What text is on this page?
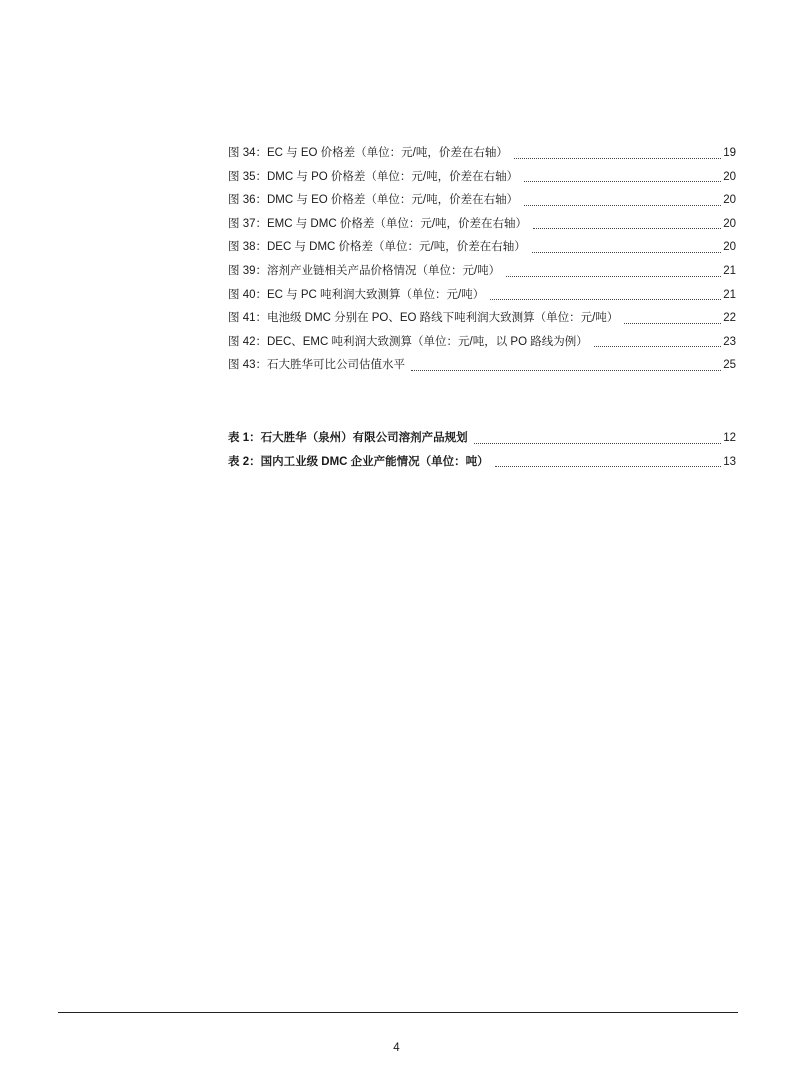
图 34：EC 与 EO 价格差（单位：元/吨，价差在右轴）	19
图 35：DMC 与 PO 价格差（单位：元/吨，价差在右轴）	20
图 36：DMC 与 EO 价格差（单位：元/吨，价差在右轴）	20
图 37：EMC 与 DMC 价格差（单位：元/吨，价差在右轴）	20
图 38：DEC 与 DMC 价格差（单位：元/吨，价差在右轴）	20
图 39：溶剂产业链相关产品价格情况（单位：元/吨）	21
图 40：EC 与 PC 吨利润大致测算（单位：元/吨）	21
图 41：电池级 DMC 分别在 PO、EO 路线下吨利润大致测算（单位：元/吨）	22
图 42：DEC、EMC 吨利润大致测算（单位：元/吨，以 PO 路线为例）	23
图 43：石大胜华可比公司估值水平	25
表 1：石大胜华（泉州）有限公司溶剂产品规划	12
表 2：国内工业级 DMC 企业产能情况（单位：吨）	13
4
